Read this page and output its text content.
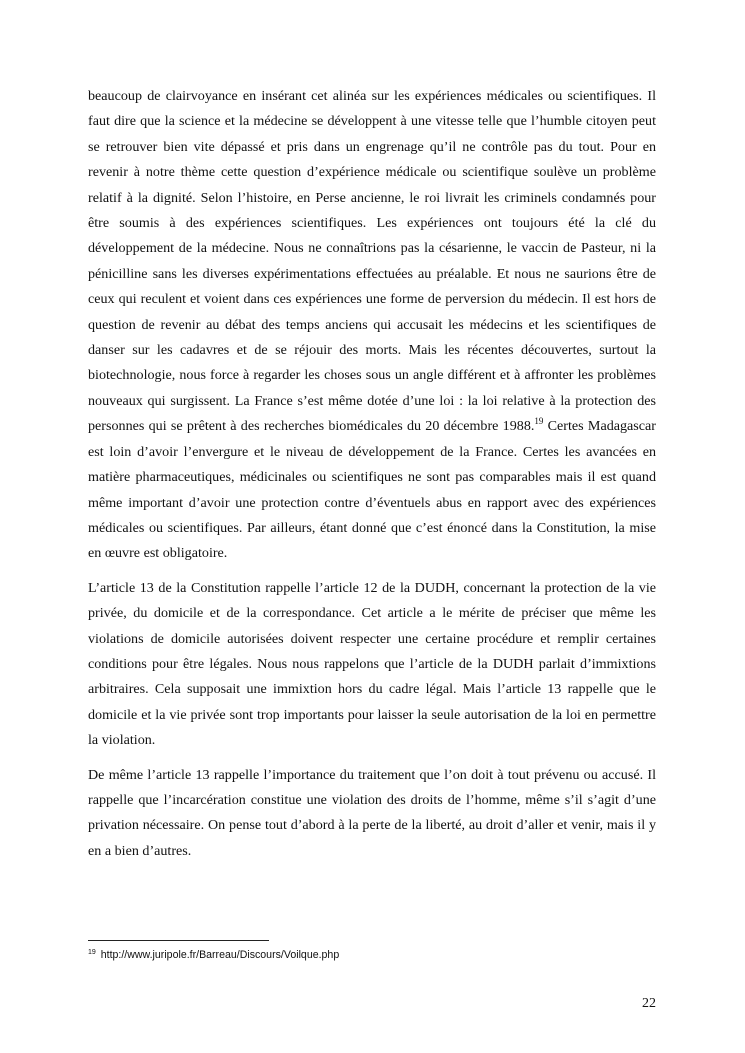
beaucoup de clairvoyance en insérant cet alinéa sur les expériences médicales ou scientifiques. Il faut dire que la science et la médecine se développent à une vitesse telle que l’humble citoyen peut se retrouver bien vite dépassé et pris dans un engrenage qu’il ne contrôle pas du tout. Pour en revenir à notre thème cette question d’expérience médicale ou scientifique soulève un problème relatif à la dignité. Selon l’histoire, en Perse ancienne, le roi livrait les criminels condamnés pour être soumis à des expériences scientifiques. Les expériences ont toujours été la clé du développement de la médecine. Nous ne connaîtrions pas la césarienne, le vaccin de Pasteur, ni la pénicilline sans les diverses expérimentations effectuées au préalable. Et nous ne saurions être de ceux qui reculent et voient dans ces expériences une forme de perversion du médecin. Il est hors de question de revenir au débat des temps anciens qui accusait les médecins et les scientifiques de danser sur les cadavres et de se réjouir des morts. Mais les récentes découvertes, surtout la biotechnologie, nous force à regarder les choses sous un angle différent et à affronter les problèmes nouveaux qui surgissent. La France s’est même dotée d’une loi : la loi relative à la protection des personnes qui se prêtent à des recherches biomédicales du 20 décembre 1988.19 Certes Madagascar est loin d’avoir l’envergure et le niveau de développement de la France. Certes les avancées en matière pharmaceutiques, médicinales ou scientifiques ne sont pas comparables mais il est quand même important d’avoir une protection contre d’éventuels abus en rapport avec des expériences médicales ou scientifiques. Par ailleurs, étant donné que c’est énoncé dans la Constitution, la mise en œuvre est obligatoire.

L’article 13 de la Constitution rappelle l’article 12 de la DUDH, concernant la protection de la vie privée, du domicile et de la correspondance. Cet article a le mérite de préciser que même les violations de domicile autorisées doivent respecter une certaine procédure et remplir certaines conditions pour être légales. Nous nous rappelons que l’article de la DUDH parlait d’immixtions arbitraires. Cela supposait une immixtion hors du cadre légal. Mais l’article 13 rappelle que le domicile et la vie privée sont trop importants pour laisser la seule autorisation de la loi en permettre la violation.

De même l’article 13 rappelle l’importance du traitement que l’on doit à tout prévenu ou accusé. Il rappelle que l’incarcération constitue une violation des droits de l’homme, même s’il s’agit d’une privation nécessaire. On pense tout d’abord à la perte de la liberté, au droit d’aller et venir, mais il y en a bien d’autres.

$^{19}$ http://www.juripole.fr/Barreau/Discours/Voilque.php
22
